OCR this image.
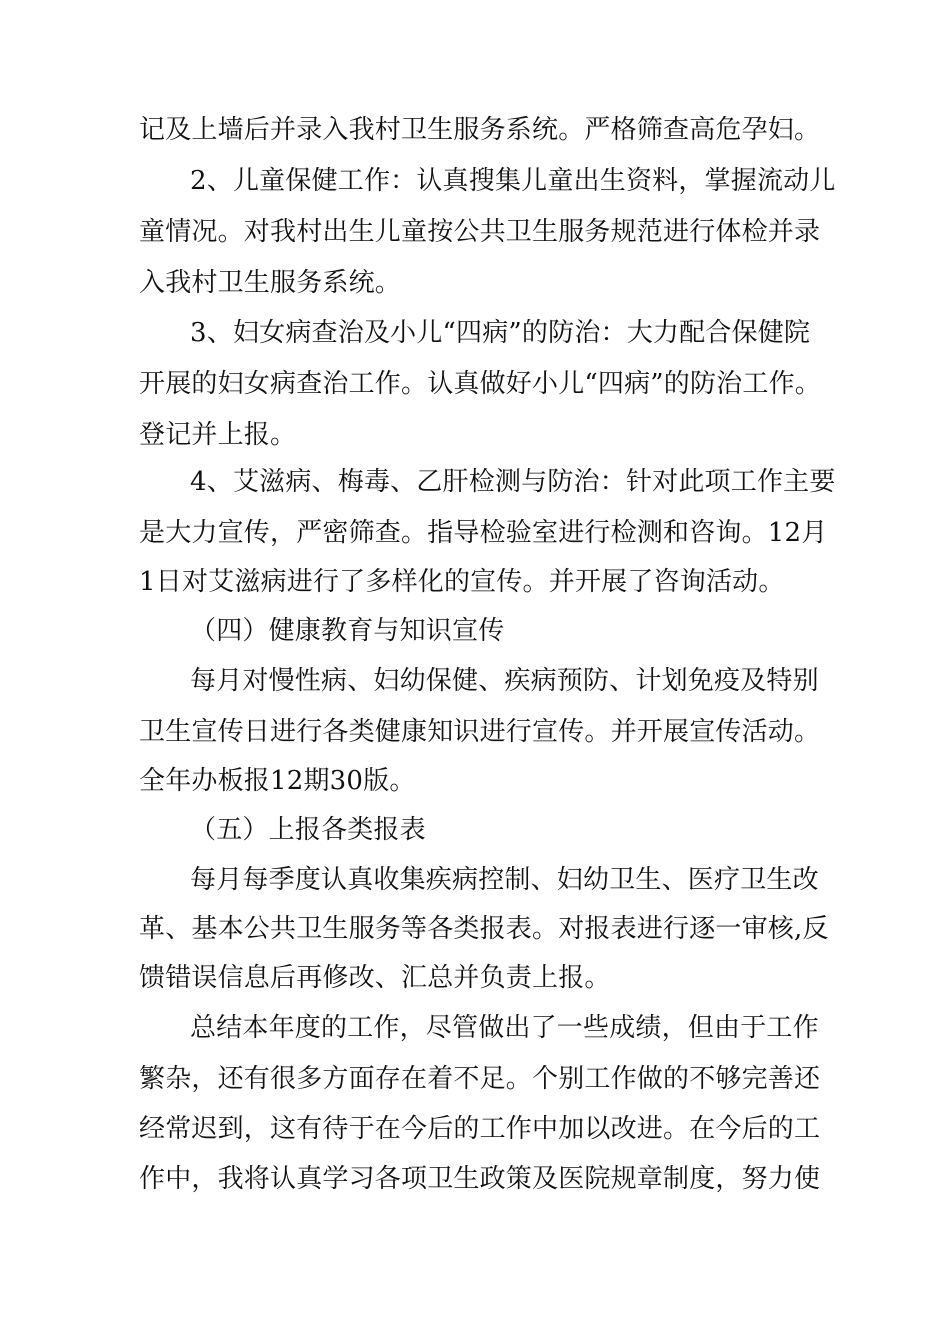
记及上墙后并录入我村卫生服务系统。严格筛查高危孕妇。
2、儿童保健工作：认真搜集儿童出生资料，掌握流动儿
童情况。对我村出生儿童按公共卫生服务规范进行体检并录
入我村卫生服务系统。
3、妇女病查治及小儿“四病”的防治：大力配合保健院
开展的妇女病查治工作。认真做好小儿“四病”的防治工作。
登记并上报。
4、艾滋病、梅毒、乙肝检测与防治：针对此项工作主要
是大力宣传，严密筛查。指导检验室进行检测和咨询。12月
1日对艾滋病进行了多样化的宣传。并开展了咨询活动。
（四）健康教育与知识宣传
每月对慢性病、妇幼保健、疾病预防、计划免疫及特别
卫生宣传日进行各类健康知识进行宣传。并开展宣传活动。
全年办板报12期30版。
（五）上报各类报表
每月每季度认真收集疾病控制、妇幼卫生、医疗卫生改
革、基本公共卫生服务等各类报表。对报表进行逐一审核,反
馈错误信息后再修改、汇总并负责上报。
总结本年度的工作，尽管做出了一些成绩，但由于工作
繁杂，还有很多方面存在着不足。个别工作做的不够完善还
经常迟到，这有待于在今后的工作中加以改进。在今后的工
作中，我将认真学习各项卫生政策及医院规章制度，努力使
